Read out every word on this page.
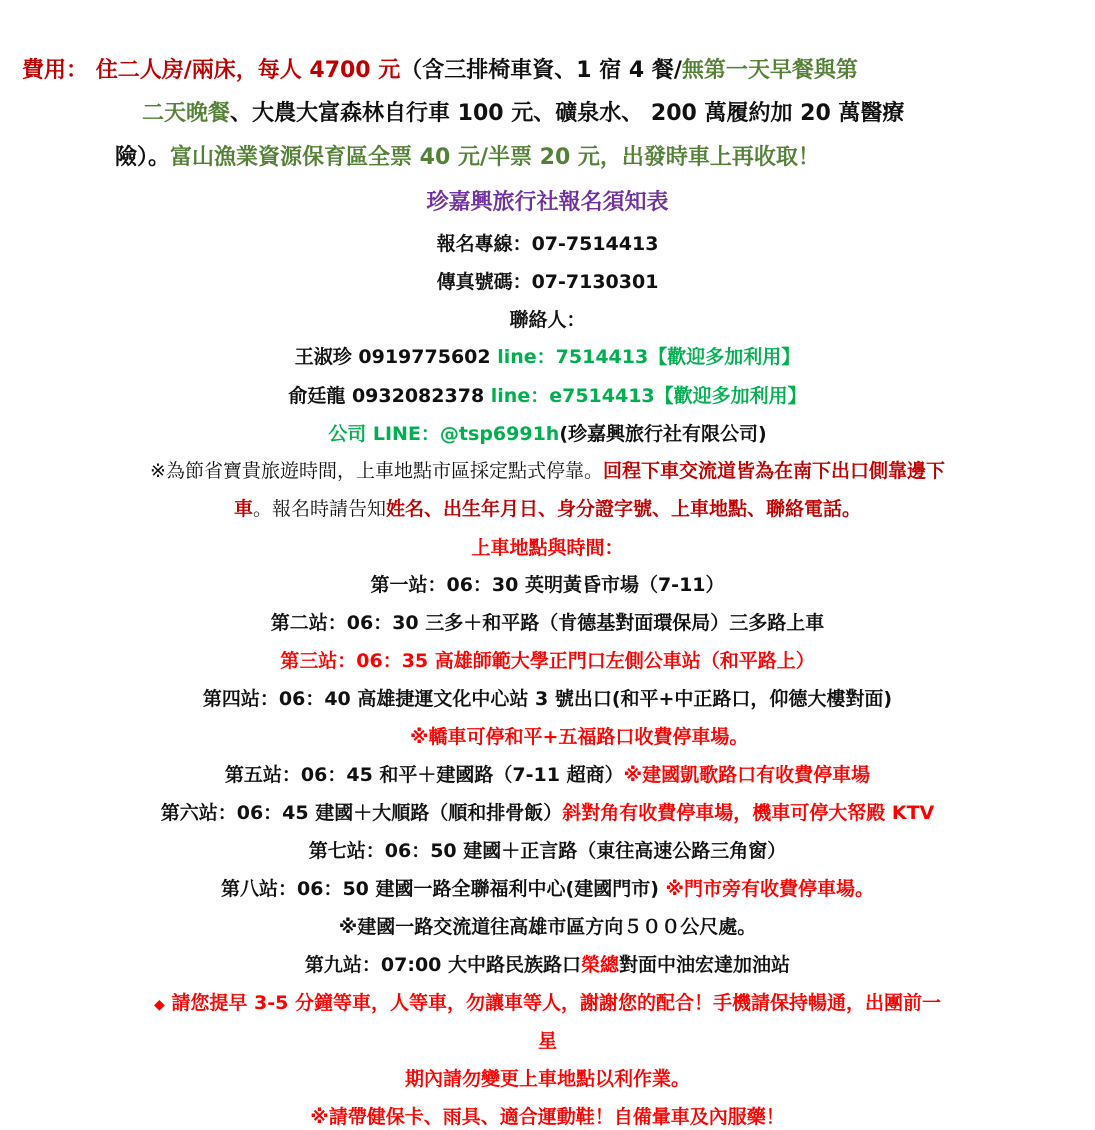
費用： 住二人房/兩床，每人 4700 元（含三排椅車資、1 宿 4 餐/無第一天早餐與第
二天晚餐、大農大富森林自行車 100 元、礦泉水、 200 萬履約加 20 萬醫療
險）。富山漁業資源保育區全票 40 元/半票 20 元，出發時車上再收取！
珍嘉興旅行社報名須知表
報名專線：07-7514413
傳真號碼：07-7130301
聯絡人：
王淑珍 0919775602 line：7514413【歡迎多加利用】
俞廷龍 0932082378 line：e7514413【歡迎多加利用】
公司 LINE：@tsp6991h(珍嘉興旅行社有限公司)
※為節省寶貴旅遊時間，上車地點市區採定點式停靠。回程下車交流道皆為在南下出口側靠邊下
車。報名時請告知姓名、出生年月日、身分證字號、上車地點、聯絡電話。
上車地點與時間：
第一站：06：30 英明黃昏市場（7-11）
第二站：06：30 三多＋和平路（肯德基對面環保局）三多路上車
第三站：06：35 高雄師範大學正門口左側公車站（和平路上）
第四站：06：40 高雄捷運文化中心站 3 號出口(和平+中正路口，仰德大樓對面)
※轎車可停和平+五福路口收費停車場。
第五站：06：45 和平＋建國路（7-11 超商）※建國凱歌路口有收費停車場
第六站：06：45 建國＋大順路（順和排骨飯）斜對角有收費停車場，機車可停大帑殿 KTV
第七站：06：50 建國＋正言路（東往高速公路三角窗）
第八站：06：50 建國一路全聯福利中心(建國門市) ※門市旁有收費停車場。
※建國一路交流道往高雄市區方向５００公尺處。
第九站：07:00 大中路民族路口榮總對面中油宏達加油站
◆ 請您提早 3-5 分鐘等車，人等車，勿讓車等人，謝謝您的配合！手機請保持暢通，出團前一
星
期內請勿變更上車地點以利作業。
※請帶健保卡、雨具、適合運動鞋！自備暈車及內服藥！
